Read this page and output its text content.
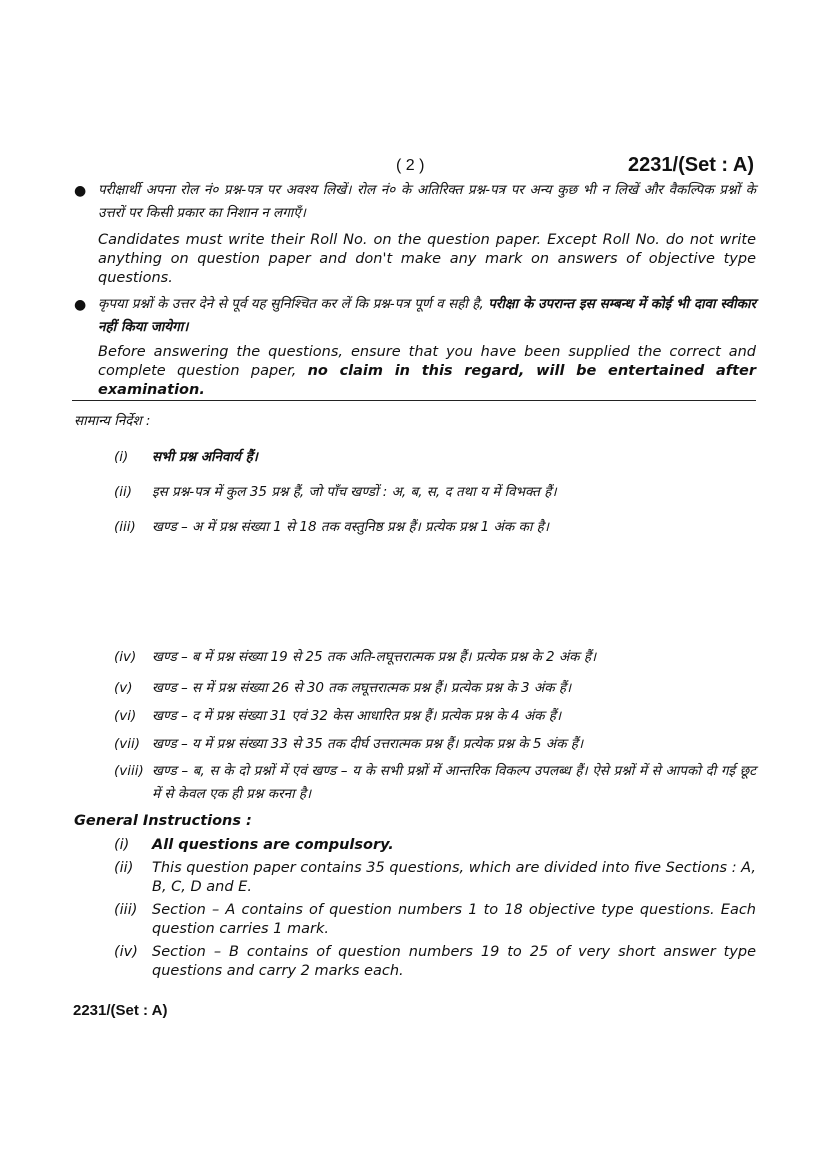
( 2 )	2231/(Set : A)
● परीक्षार्थी अपना रोल नं० प्रश्न-पत्र पर अवश्य लिखें। रोल नं० के अतिरिक्त प्रश्न-पत्र पर अन्य कुछ भी न लिखें और वैकल्पिक प्रश्नों के उत्तरों पर किसी प्रकार का निशान न लगाएँ।
Candidates must write their Roll No. on the question paper. Except Roll No. do not write anything on question paper and don't make any mark on answers of objective type questions.
● कृपया प्रश्नों के उत्तर देने से पूर्व यह सुनिश्चित कर लें कि प्रश्न-पत्र पूर्ण व सही है, परीक्षा के उपरान्त इस सम्बन्ध में कोई भी दावा स्वीकार नहीं किया जायेगा।
Before answering the questions, ensure that you have been supplied the correct and complete question paper, no claim in this regard, will be entertained after examination.
सामान्य निर्देश :
(i) सभी प्रश्न अनिवार्य हैं।
(ii) इस प्रश्न-पत्र में कुल 35 प्रश्न हैं, जो पाँच खण्डों : अ, ब, स, द तथा य में विभक्त हैं।
(iii) खण्ड – अ में प्रश्न संख्या 1 से 18 तक वस्तुनिष्ठ प्रश्न हैं। प्रत्येक प्रश्न 1 अंक का है।
(iv) खण्ड – ब में प्रश्न संख्या 19 से 25 तक अति-लघूत्तरात्मक प्रश्न हैं। प्रत्येक प्रश्न के 2 अंक हैं।
(v) खण्ड – स में प्रश्न संख्या 26 से 30 तक लघूत्तरात्मक प्रश्न हैं। प्रत्येक प्रश्न के 3 अंक हैं।
(vi) खण्ड – द में प्रश्न संख्या 31 एवं 32 केस आधारित प्रश्न हैं। प्रत्येक प्रश्न के 4 अंक हैं।
(vii) खण्ड – य में प्रश्न संख्या 33 से 35 तक दीर्घ उत्तरात्मक प्रश्न हैं। प्रत्येक प्रश्न के 5 अंक हैं।
(viii) खण्ड – ब, स के दो प्रश्नों में एवं खण्ड – य के सभी प्रश्नों में आन्तरिक विकल्प उपलब्ध हैं। ऐसे प्रश्नों में से आपको दी गई छूट में से केवल एक ही प्रश्न करना है।
General Instructions :
(i) All questions are compulsory.
(ii) This question paper contains 35 questions, which are divided into five Sections : A, B, C, D and E.
(iii) Section – A contains of question numbers 1 to 18 objective type questions. Each question carries 1 mark.
(iv) Section – B contains of question numbers 19 to 25 of very short answer type questions and carry 2 marks each.
2231/(Set : A)
